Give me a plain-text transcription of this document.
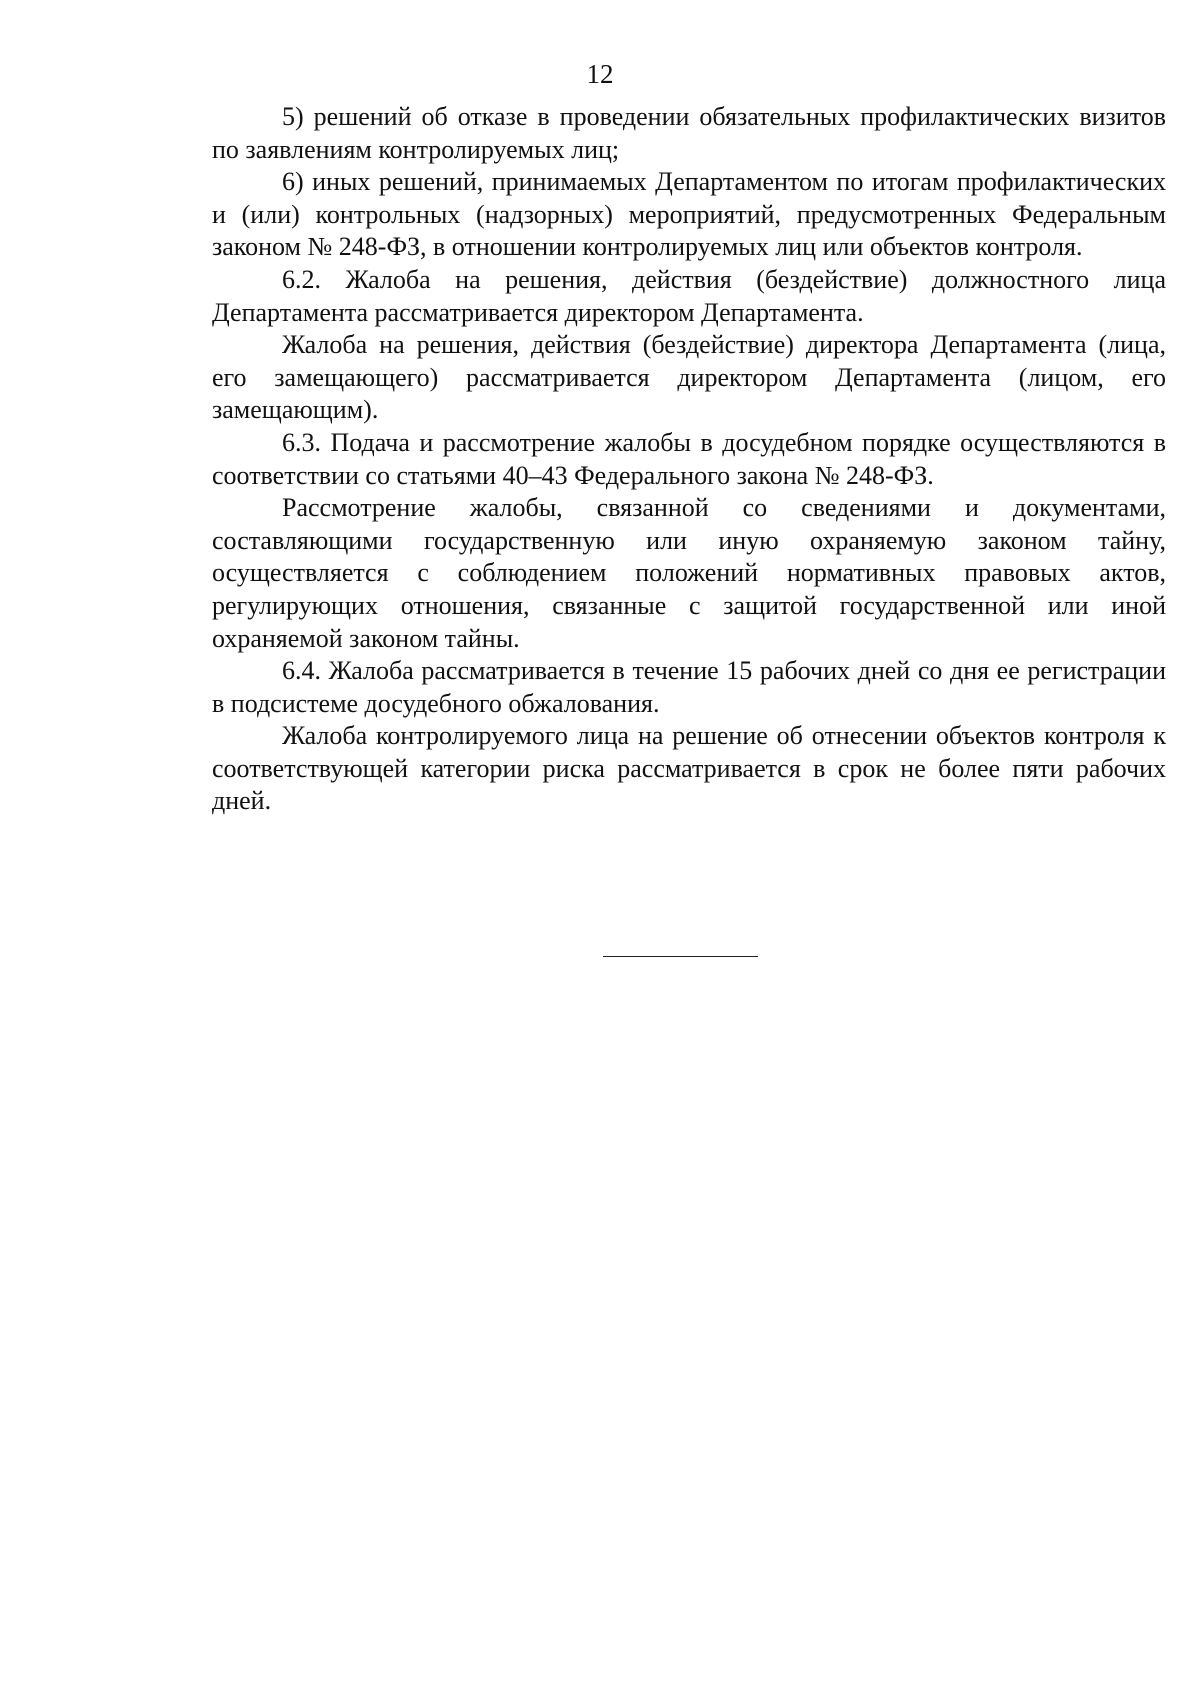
12

5) решений об отказе в проведении обязательных профилактических визитов по заявлениям контролируемых лиц;

6) иных решений, принимаемых Департаментом по итогам профилактических и (или) контрольных (надзорных) мероприятий, предусмотренных Федеральным законом № 248-ФЗ, в отношении контролируемых лиц или объектов контроля.

6.2. Жалоба на решения, действия (бездействие) должностного лица Департамента рассматривается директором Департамента.

Жалоба на решения, действия (бездействие) директора Департамента (лица, его замещающего) рассматривается директором Департамента (лицом, его замещающим).

6.3. Подача и рассмотрение жалобы в досудебном порядке осуществляются в соответствии со статьями 40–43 Федерального закона № 248-ФЗ.

Рассмотрение жалобы, связанной со сведениями и документами, составляющими государственную или иную охраняемую законом тайну, осуществляется с соблюдением положений нормативных правовых актов, регулирующих отношения, связанные с защитой государственной или иной охраняемой законом тайны.

6.4. Жалоба рассматривается в течение 15 рабочих дней со дня ее регистрации в подсистеме досудебного обжалования.

Жалоба контролируемого лица на решение об отнесении объектов контроля к соответствующей категории риска рассматривается в срок не более пяти рабочих дней.
